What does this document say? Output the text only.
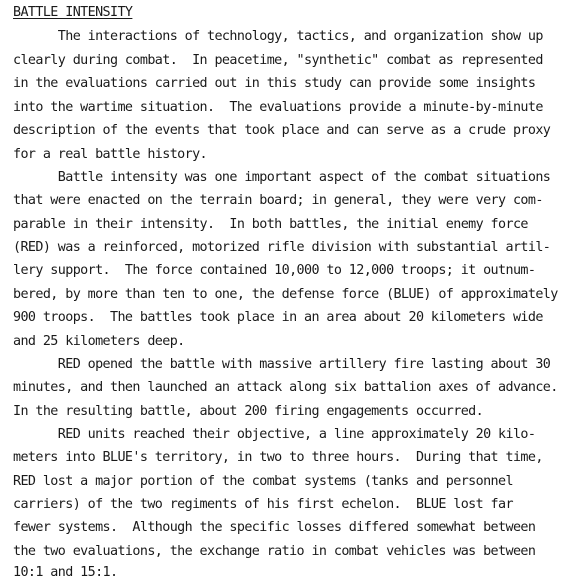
BATTLE INTENSITY
The interactions of technology, tactics, and organization show up
clearly during combat.  In peacetime, "synthetic" combat as represented
in the evaluations carried out in this study can provide some insights
into the wartime situation.  The evaluations provide a minute-by-minute
description of the events that took place and can serve as a crude proxy
for a real battle history.
Battle intensity was one important aspect of the combat situations
that were enacted on the terrain board; in general, they were very com-
parable in their intensity.  In both battles, the initial enemy force
(RED) was a reinforced, motorized rifle division with substantial artil-
lery support.  The force contained 10,000 to 12,000 troops; it outnum-
bered, by more than ten to one, the defense force (BLUE) of approximately
900 troops.  The battles took place in an area about 20 kilometers wide
and 25 kilometers deep.
RED opened the battle with massive artillery fire lasting about 30
minutes, and then launched an attack along six battalion axes of advance.
In the resulting battle, about 200 firing engagements occurred.
RED units reached their objective, a line approximately 20 kilo-
meters into BLUE's territory, in two to three hours.  During that time,
RED lost a major portion of the combat systems (tanks and personnel
carriers) of the two regiments of his first echelon.  BLUE lost far
fewer systems.  Although the specific losses differed somewhat between
the two evaluations, the exchange ratio in combat vehicles was between
10:1 and 15:1.
